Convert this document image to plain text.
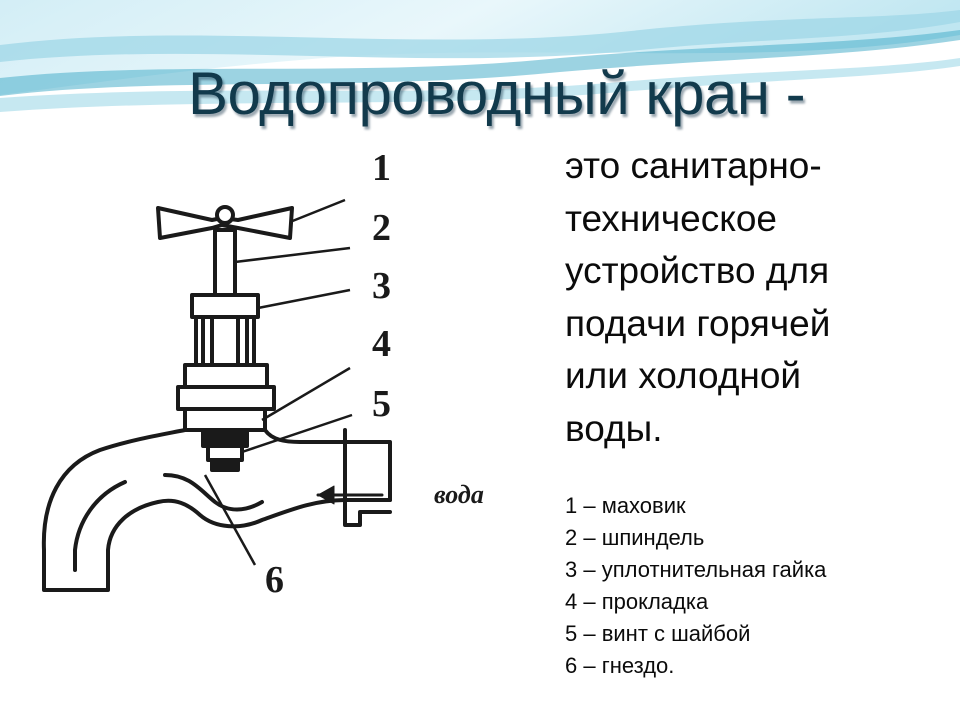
Водопроводный кран -

это санитарно-
техническое
устройство для
подачи горячей
или холодной
воды.

1 – маховик
2 – шпиндель
3 – уплотнительная гайка
4 – прокладка
5 – винт с шайбой
6 – гнездо.
1
2
3
4
5
6
вода
